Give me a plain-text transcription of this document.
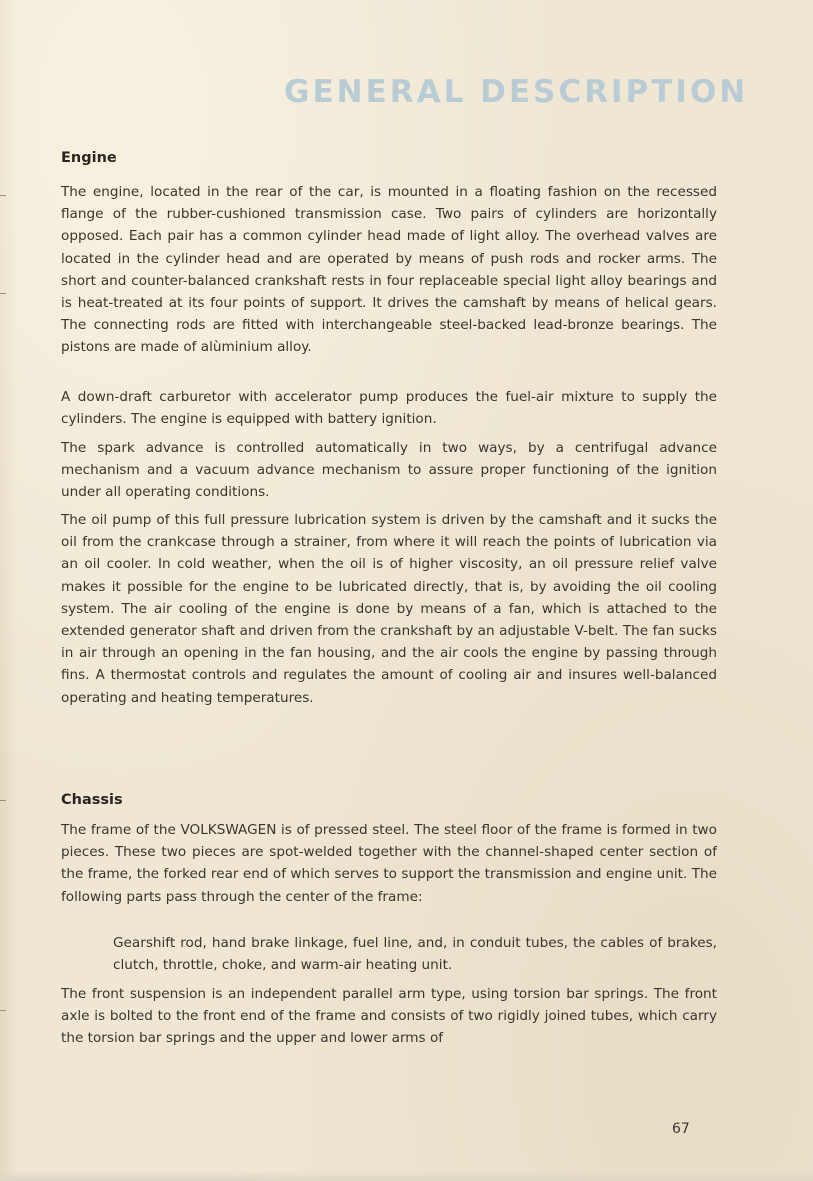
GENERAL DESCRIPTION
Engine

The engine, located in the rear of the car, is mounted in a floating fashion on the recessed flange of the rubber-cushioned transmission case. Two pairs of cylinders are horizontally opposed. Each pair has a common cylinder head made of light alloy. The overhead valves are located in the cylinder head and are operated by means of push rods and rocker arms. The short and counter-balanced crankshaft rests in four replaceable special light alloy bearings and is heat-treated at its four points of support. It drives the camshaft by means of helical gears. The connecting rods are fitted with interchangeable steel-backed lead-bronze bearings. The pistons are made of alùminium alloy.

A down-draft carburetor with accelerator pump produces the fuel-air mixture to supply the cylinders. The engine is equipped with battery ignition.

The spark advance is controlled automatically in two ways, by a centrifugal advance mechanism and a vacuum advance mechanism to assure proper functioning of the ignition under all operating conditions.

The oil pump of this full pressure lubrication system is driven by the camshaft and it sucks the oil from the crankcase through a strainer, from where it will reach the points of lubrication via an oil cooler. In cold weather, when the oil is of higher viscosity, an oil pressure relief valve makes it possible for the engine to be lubricated directly, that is, by avoiding the oil cooling system. The air cooling of the engine is done by means of a fan, which is attached to the extended generator shaft and driven from the crankshaft by an adjustable V-belt. The fan sucks in air through an opening in the fan housing, and the air cools the engine by passing through fins. A thermostat controls and regulates the amount of cooling air and insures well-balanced operating and heating temperatures.

Chassis

The frame of the VOLKSWAGEN is of pressed steel. The steel floor of the frame is formed in two pieces. These two pieces are spot-welded together with the channel-shaped center section of the frame, the forked rear end of which serves to support the transmission and engine unit. The following parts pass through the center of the frame:

Gearshift rod, hand brake linkage, fuel line, and, in conduit tubes, the cables of brakes, clutch, throttle, choke, and warm-air heating unit.

The front suspension is an independent parallel arm type, using torsion bar springs. The front axle is bolted to the front end of the frame and consists of two rigidly joined tubes, which carry the torsion bar springs and the upper and lower arms of

67
